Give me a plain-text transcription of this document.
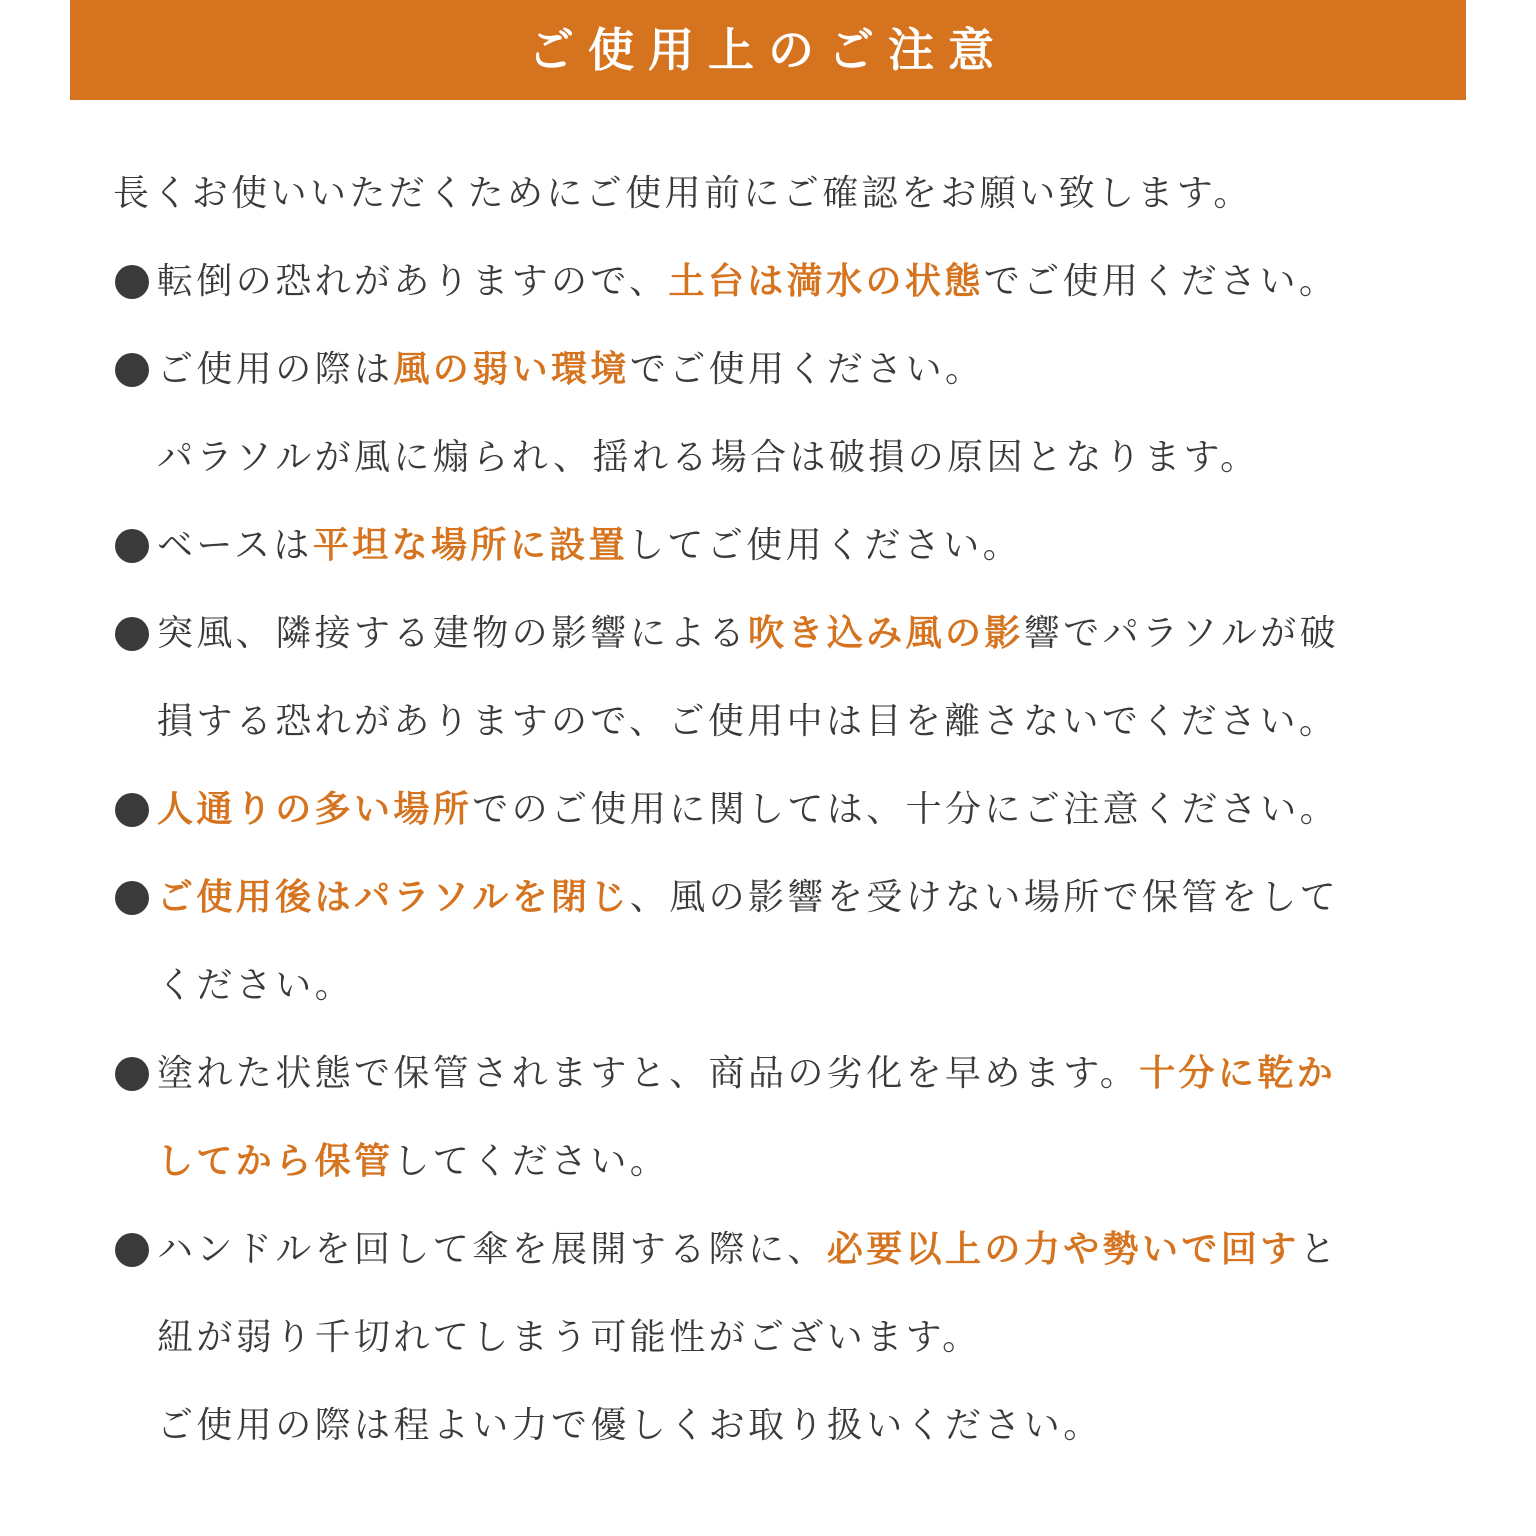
ご使用上のご注意
長くお使いいただくためにご使用前にご確認をお願い致します。
転倒の恐れがありますので、土台は満水の状態でご使用ください。
ご使用の際は風の弱い環境でご使用ください。
パラソルが風に煽られ、揺れる場合は破損の原因となります。
ベースは平坦な場所に設置してご使用ください。
突風、隣接する建物の影響による吹き込み風の影響でパラソルが破
損する恐れがありますので、ご使用中は目を離さないでください。
人通りの多い場所でのご使用に関しては、十分にご注意ください。
ご使用後はパラソルを閉じ、風の影響を受けない場所で保管をして
ください。
塗れた状態で保管されますと、商品の劣化を早めます。十分に乾か
してから保管してください。
ハンドルを回して傘を展開する際に、必要以上の力や勢いで回すと
紐が弱り千切れてしまう可能性がございます。
ご使用の際は程よい力で優しくお取り扱いください。
